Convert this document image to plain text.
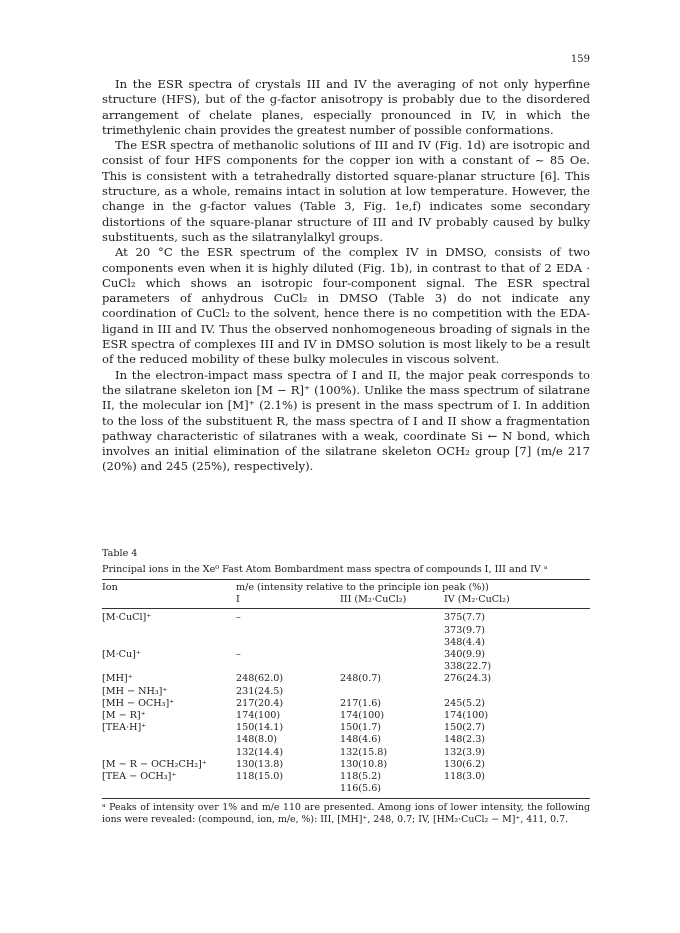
159

In the ESR spectra of crystals III and IV the averaging of not only hyperfine structure (HFS), but of the g-factor anisotropy is probably due to the disordered arrangement of chelate planes, especially pronounced in IV, in which the trimethylenic chain provides the greatest number of possible conformations.

The ESR spectra of methanolic solutions of III and IV (Fig. 1d) are isotropic and consist of four HFS components for the copper ion with a constant of ~ 85 Oe. This is consistent with a tetrahedrally distorted square-planar structure [6]. This structure, as a whole, remains intact in solution at low temperature. However, the change in the g-factor values (Table 3, Fig. 1e,f) indicates some secondary distortions of the square-planar structure of III and IV probably caused by bulky substituents, such as the silatranylalkyl groups.

At 20 °C the ESR spectrum of the complex IV in DMSO, consists of two components even when it is highly diluted (Fig. 1b), in contrast to that of 2 EDA · CuCl₂ which shows an isotropic four-component signal. The ESR spectral parameters of anhydrous CuCl₂ in DMSO (Table 3) do not indicate any coordination of CuCl₂ to the solvent, hence there is no competition with the EDA-ligand in III and IV. Thus the observed nonhomogeneous broading of signals in the ESR spectra of complexes III and IV in DMSO solution is most likely to be a result of the reduced mobility of these bulky molecules in viscous solvent.

In the electron-impact mass spectra of I and II, the major peak corresponds to the silatrane skeleton ion [M − R]⁺ (100%). Unlike the mass spectrum of silatrane II, the molecular ion [M]⁺ (2.1%) is present in the mass spectrum of I. In addition to the loss of the substituent R, the mass spectra of I and II show a fragmentation pathway characteristic of silatranes with a weak, coordinate Si ← N bond, which involves an initial elimination of the silatrane skeleton OCH₂ group [7] (m/e 217 (20%) and 245 (25%), respectively).

Table 4
Principal ions in the Xe⁰ Fast Atom Bombardment mass spectra of compounds I, III and IV ᵃ
Ion	m/e (intensity relative to the principle ion peak (%))		
	I	III (M₂·CuCl₂)	IV (M₂·CuCl₂)
[M·CuCl]⁺	–		375(7.7)
			373(9.7)
			348(4.4)
[M·Cu]⁺	–		340(9.9)
			338(22.7)
[MH]⁺	248(62.0)	248(0.7)	276(24.3)
[MH − NH₃]⁺	231(24.5)		
[MH − OCH₃]⁺	217(20.4)	217(1.6)	245(5.2)
[M − R]⁺	174(100)	174(100)	174(100)
[TEA·H]⁺	150(14.1)	150(1.7)	150(2.7)
	148(8.0)	148(4.6)	148(2.3)
	132(14.4)	132(15.8)	132(3.9)
[M − R − OCH₂CH₂]⁺	130(13.8)	130(10.8)	130(6.2)
[TEA − OCH₃]⁺	118(15.0)	118(5.2)	118(3.0)
		116(5.6)	
ᵃ Peaks of intensity over 1% and m/e 110 are presented. Among ions of lower intensity, the following ions were revealed: (compound, ion, m/e, %): III, [MH]⁺, 248, 0.7; IV, [HM₂·CuCl₂ − M]⁺, 411, 0.7.
